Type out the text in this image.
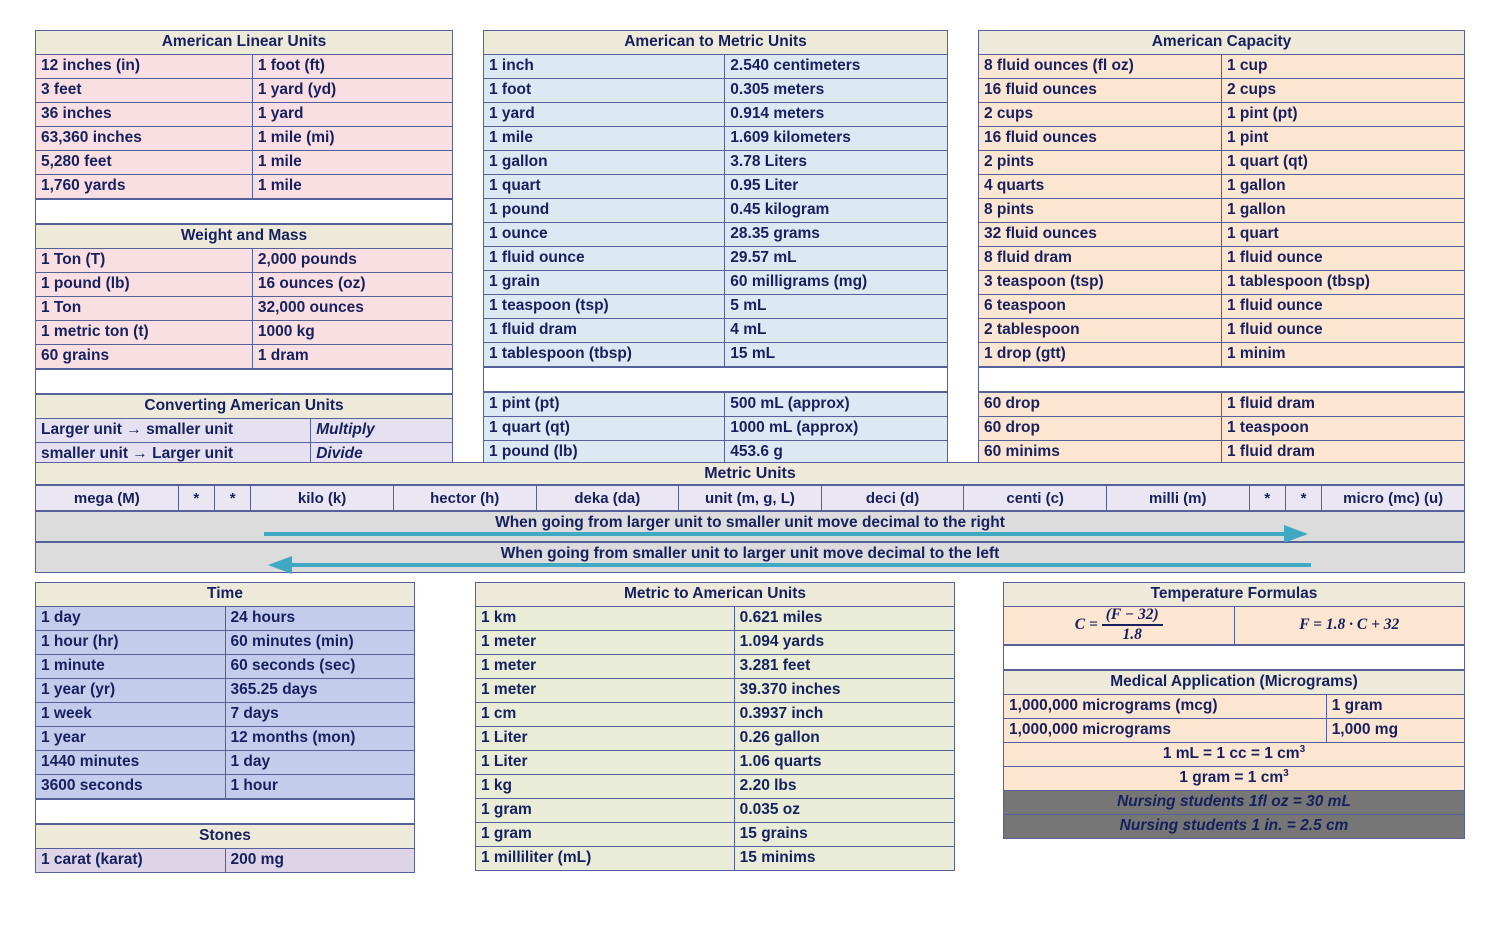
American Linear Units	
12 inches (in)	1 foot (ft)
3 feet	1 yard (yd)
36 inches	1 yard
63,360 inches	1 mile (mi)
5,280 feet	1 mile
1,760 yards	1 mile

Weight and Mass	
1 Ton (T)	2,000 pounds
1 pound (lb)	16 ounces (oz)
1 Ton	32,000 ounces
1 metric ton (t)	1000 kg
60 grains	1 dram

Converting American Units	
Larger unit → smaller unit	Multiply
smaller unit → Larger unit	Divide
American to Metric Units	
1 inch	2.540 centimeters
1 foot	0.305 meters
1 yard	0.914 meters
1 mile	1.609 kilometers
1 gallon	3.78 Liters
1 quart	0.95 Liter
1 pound	0.45 kilogram
1 ounce	28.35 grams
1 fluid ounce	29.57 mL
1 grain	60 milligrams (mg)
1 teaspoon (tsp)	5 mL
1 fluid dram	4 mL
1 tablespoon (tbsp)	15 mL

1 pint (pt)	500 mL (approx)
1 quart (qt)	1000 mL (approx)
1 pound (lb)	453.6 g
American Capacity	
8 fluid ounces (fl oz)	1 cup
16 fluid ounces	2 cups
2 cups	1 pint (pt)
16 fluid ounces	1 pint
2 pints	1 quart (qt)
4 quarts	1 gallon
8 pints	1 gallon
32 fluid ounces	1 quart
8 fluid dram	1 fluid ounce
3 teaspoon (tsp)	1 tablespoon (tbsp)
6 teaspoon	1 fluid ounce
2 tablespoon	1 fluid ounce
1 drop (gtt)	1 minim

60 drop	1 fluid dram
60 drop	1 teaspoon
60 minims	1 fluid dram
Metric Units
mega (M)	*	*	kilo (k)	hector (h)	deka (da)	unit (m, g, L)	deci (d)	centi (c)	milli (m)	*	*	micro (mc) (u)
When going from larger unit to smaller unit move decimal to the right
When going from smaller unit to larger unit move decimal to the left
Time	
1 day	24 hours
1 hour (hr)	60 minutes (min)
1 minute	60 seconds (sec)
1 year (yr)	365.25 days
1 week	7 days
1 year	12 months (mon)
1440 minutes	1 day
3600 seconds	1 hour

Stones
1 carat (karat)	200 mg
Metric to American Units	
1 km	0.621 miles
1 meter	1.094 yards
1 meter	3.281 feet
1 meter	39.370 inches
1 cm	0.3937 inch
1 Liter	0.26 gallon
1 Liter	1.06 quarts
1 kg	2.20 lbs
1 gram	0.035 oz
1 gram	15 grains
1 milliliter (mL)	15 minims
Temperature Formulas
$C = \frac{(F - 32)}{1.8}$	F = 1.8 · C + 32

Medical Application (Micrograms)	
1,000,000 micrograms (mcg)	1 gram
1,000,000 micrograms	1,000 mg
1 mL = 1 cc = 1 $cm^3$
1 gram = 1 $cm^3$
Nursing students 1fl oz = 30 mL	
Nursing students 1 in. = 2.5 cm	
